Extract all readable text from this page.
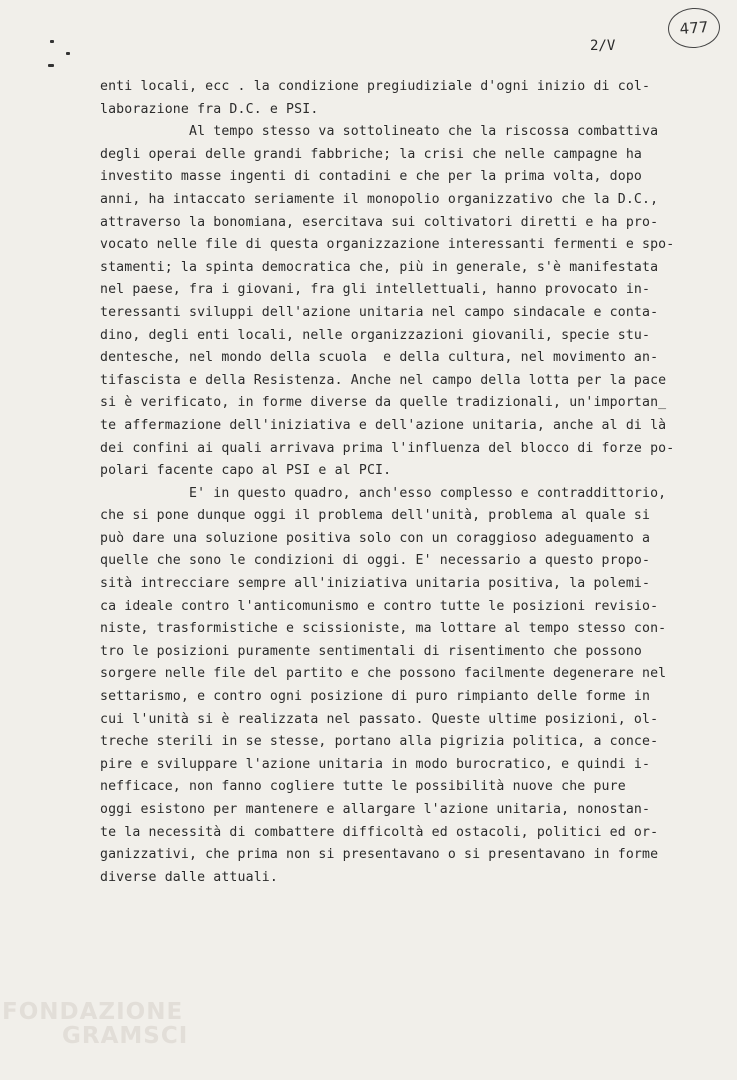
477
2/V
enti locali, ecc . la condizione pregiudiziale d'ogni inizio di col-
laborazione fra D.C. e PSI.
Al tempo stesso va sottolineato che la riscossa combattiva
degli operai delle grandi fabbriche; la crisi che nelle campagne ha
investito masse ingenti di contadini e che per la prima volta, dopo
anni, ha intaccato seriamente il monopolio organizzativo che la D.C.,
attraverso la bonomiana, esercitava sui coltivatori diretti e ha pro-
vocato nelle file di questa organizzazione interessanti fermenti e spo-
stamenti; la spinta democratica che, più in generale, s'è manifestata
nel paese, fra i giovani, fra gli intellettuali, hanno provocato in-
teressanti sviluppi dell'azione unitaria nel campo sindacale e conta-
dino, degli enti locali, nelle organizzazioni giovanili, specie stu-
dentesche, nel mondo della scuola  e della cultura, nel movimento an-
tifascista e della Resistenza. Anche nel campo della lotta per la pace
si è verificato, in forme diverse da quelle tradizionali, un'importan_
te affermazione dell'iniziativa e dell'azione unitaria, anche al di là
dei confini ai quali arrivava prima l'influenza del blocco di forze po-
polari facente capo al PSI e al PCI.
E' in questo quadro, anch'esso complesso e contraddittorio,
che si pone dunque oggi il problema dell'unità, problema al quale si
può dare una soluzione positiva solo con un coraggioso adeguamento a
quelle che sono le condizioni di oggi. E' necessario a questo propo-
sità intrecciare sempre all'iniziativa unitaria positiva, la polemi-
ca ideale contro l'anticomunismo e contro tutte le posizioni revisio-
niste, trasformistiche e scissioniste, ma lottare al tempo stesso con-
tro le posizioni puramente sentimentali di risentimento che possono
sorgere nelle file del partito e che possono facilmente degenerare nel
settarismo, e contro ogni posizione di puro rimpianto delle forme in
cui l'unità si è realizzata nel passato. Queste ultime posizioni, ol-
treche sterili in se stesse, portano alla pigrizia politica, a conce-
pire e sviluppare l'azione unitaria in modo burocratico, e quindi i-
nefficace, non fanno cogliere tutte le possibilità nuove che pure
oggi esistono per mantenere e allargare l'azione unitaria, nonostan-
te la necessità di combattere difficoltà ed ostacoli, politici ed or-
ganizzativi, che prima non si presentavano o si presentavano in forme
diverse dalle attuali.
FONDAZIONE
GRAMSCI
